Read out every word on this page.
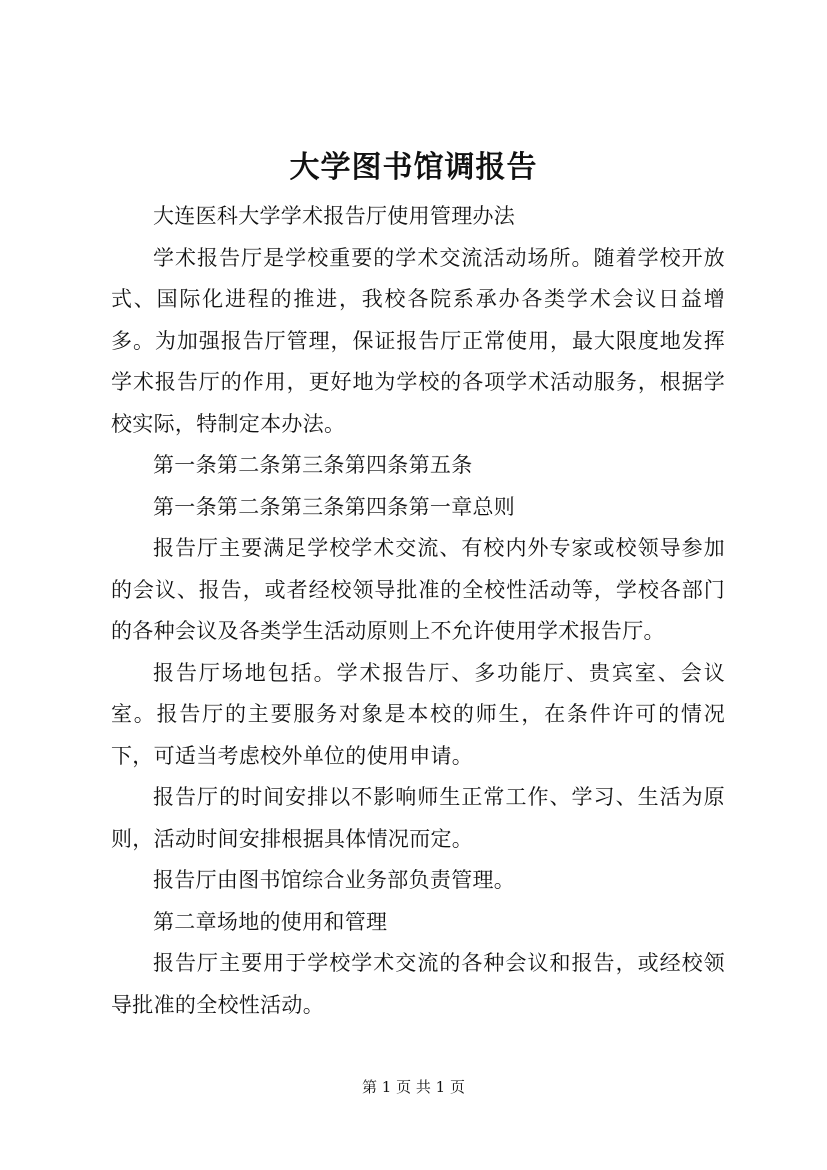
大学图书馆调报告

大连医科大学学术报告厅使用管理办法

学术报告厅是学校重要的学术交流活动场所。随着学校开放式、国际化进程的推进，我校各院系承办各类学术会议日益增多。为加强报告厅管理，保证报告厅正常使用，最大限度地发挥学术报告厅的作用，更好地为学校的各项学术活动服务，根据学校实际，特制定本办法。

第一条第二条第三条第四条第五条

第一条第二条第三条第四条第一章总则

报告厅主要满足学校学术交流、有校内外专家或校领导参加的会议、报告，或者经校领导批准的全校性活动等，学校各部门的各种会议及各类学生活动原则上不允许使用学术报告厅。

报告厅场地包括。学术报告厅、多功能厅、贵宾室、会议室。报告厅的主要服务对象是本校的师生，在条件许可的情况下，可适当考虑校外单位的使用申请。

报告厅的时间安排以不影响师生正常工作、学习、生活为原则，活动时间安排根据具体情况而定。

报告厅由图书馆综合业务部负责管理。

第二章场地的使用和管理

报告厅主要用于学校学术交流的各种会议和报告，或经校领导批准的全校性活动。

第 1 页 共 1 页
